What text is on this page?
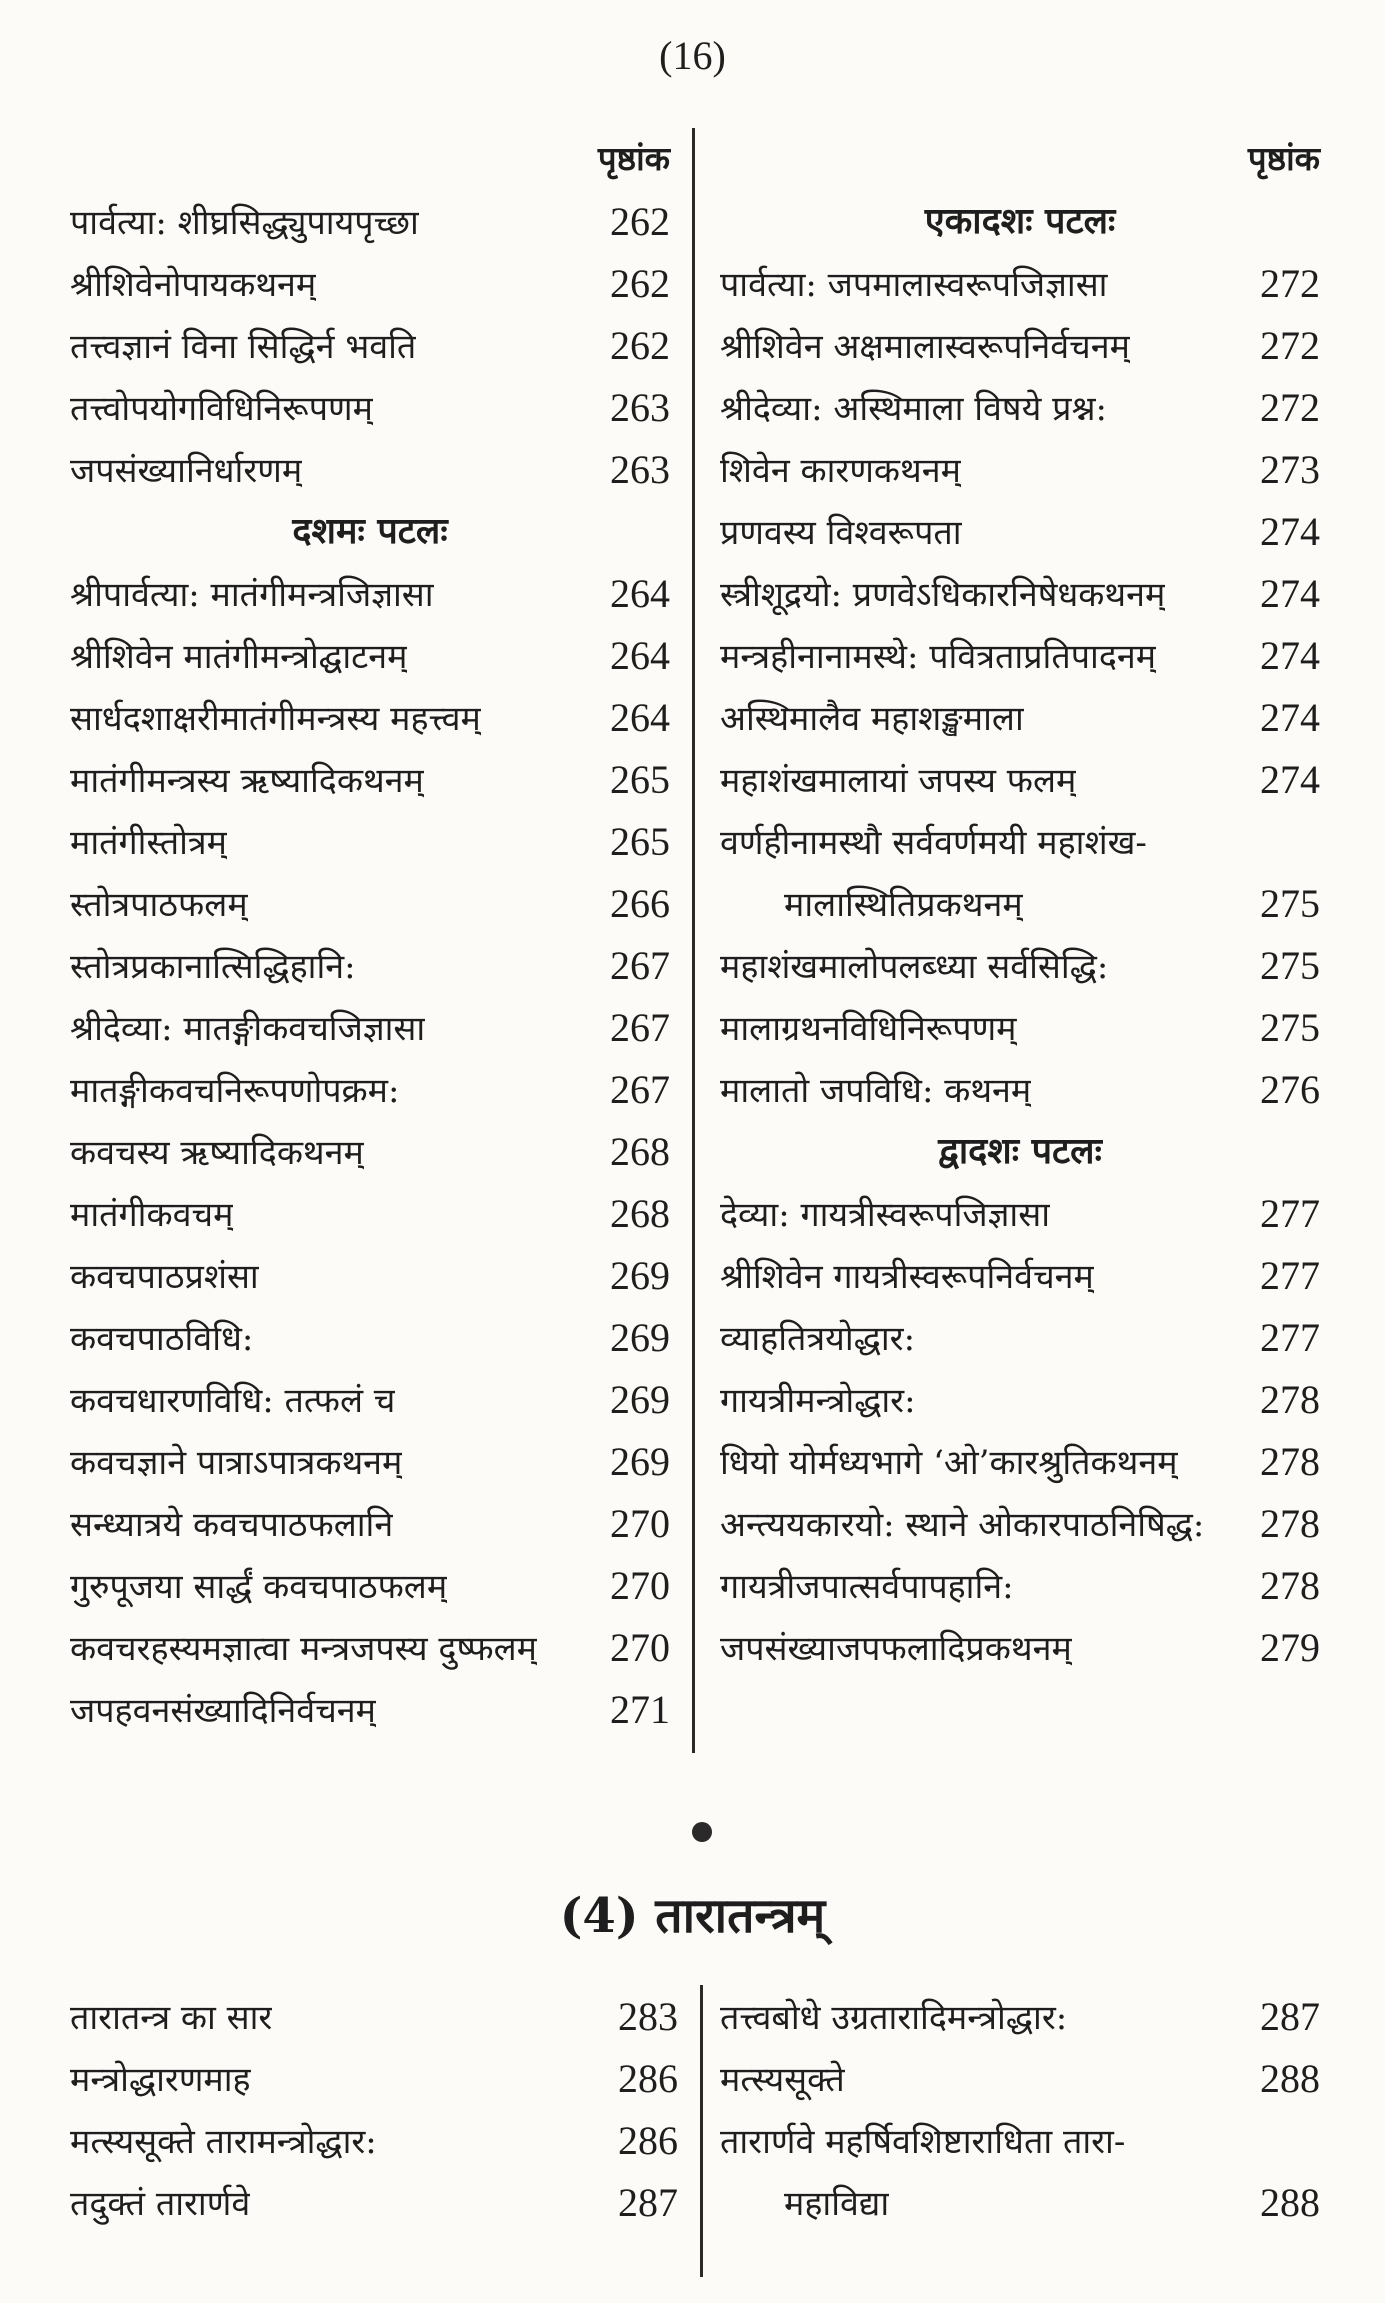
(16)
पृष्ठांक
पार्वत्या: शीघ्रसिद्ध्युपायपृच्छा	262
श्रीशिवेनोपायकथनम्	262
तत्त्वज्ञानं विना सिद्धिर्न भवति	262
तत्त्वोपयोगविधिनिरूपणम्	263
जपसंख्यानिर्धारणम्	263
दशमः पटलः
श्रीपार्वत्या: मातंगीमन्त्रजिज्ञासा	264
श्रीशिवेन मातंगीमन्त्रोद्घाटनम्	264
सार्धदशाक्षरीमातंगीमन्त्रस्य महत्त्वम्	264
मातंगीमन्त्रस्य ऋष्यादिकथनम्	265
मातंगीस्तोत्रम्	265
स्तोत्रपाठफलम्	266
स्तोत्रप्रकानात्सिद्धिहानि:	267
श्रीदेव्या: मातङ्गीकवचजिज्ञासा	267
मातङ्गीकवचनिरूपणोपक्रम:	267
कवचस्य ऋष्यादिकथनम्	268
मातंगीकवचम्	268
कवचपाठप्रशंसा	269
कवचपाठविधि:	269
कवचधारणविधि: तत्फलं च	269
कवचज्ञाने पात्राऽपात्रकथनम्	269
सन्ध्यात्रये कवचपाठफलानि	270
गुरुपूजया सार्द्धं कवचपाठफलम्	270
कवचरहस्यमज्ञात्वा मन्त्रजपस्य दुष्फलम् 270
जपहवनसंख्यादिनिर्वचनम्	271
पृष्ठांक
एकादशः पटलः
पार्वत्या: जपमालास्वरूपजिज्ञासा	272
श्रीशिवेन अक्षमालास्वरूपनिर्वचनम्	272
श्रीदेव्या: अस्थिमाला विषये प्रश्न:	272
शिवेन कारणकथनम्	273
प्रणवस्य विश्वरूपता	274
स्त्रीशूद्रयो: प्रणवेऽधिकारनिषेधकथनम् 274
मन्त्रहीनानामस्थे: पवित्रताप्रतिपादनम्	274
अस्थिमालैव महाशङ्खमाला	274
महाशंखमालायां जपस्य फलम्	274
वर्णहीनामस्थौ सर्ववर्णमयी महाशंख-
मालास्थितिप्रकथनम्	275
महाशंखमालोपलब्ध्या सर्वसिद्धि:	275
मालाग्रथनविधिनिरूपणम्	275
मालातो जपविधि: कथनम्	276
द्वादशः पटलः
देव्या: गायत्रीस्वरूपजिज्ञासा	277
श्रीशिवेन गायत्रीस्वरूपनिर्वचनम्	277
व्याहतित्रयोद्धार:	277
गायत्रीमन्त्रोद्धार:	278
धियो योर्मध्यभागे ‘ओ’कारश्रुतिकथनम् 278
अन्त्ययकारयो: स्थाने ओकारपाठनिषिद्ध: 278
गायत्रीजपात्सर्वपापहानि:	278
जपसंख्याजपफलादिप्रकथनम्	279
(4) तारातन्त्रम्
तारातन्त्र का सार	283
मन्त्रोद्धारणमाह	286
मत्स्यसूक्ते तारामन्त्रोद्धार:	286
तदुक्तं तारार्णवे	287
तत्त्वबोधे उग्रतारादिमन्त्रोद्धार:	287
मत्स्यसूक्ते	288
तारार्णवे महर्षिवशिष्टाराधिता तारा-
महाविद्या	288
